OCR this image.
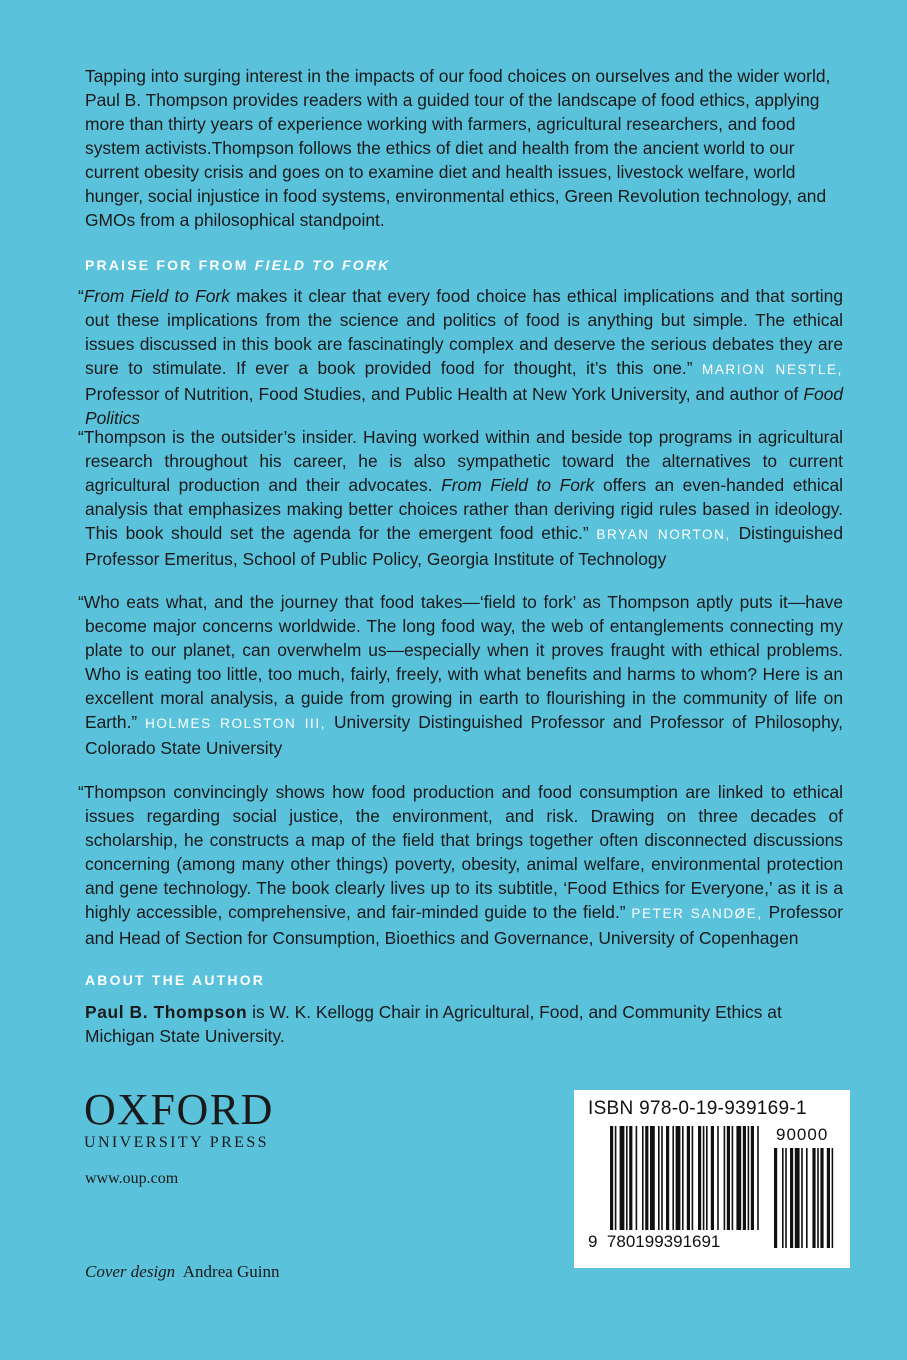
Tapping into surging interest in the impacts of our food choices on ourselves and the wider world, Paul B. Thompson provides readers with a guided tour of the landscape of food ethics, applying more than thirty years of experience working with farmers, agricultural researchers, and food system activists.Thompson follows the ethics of diet and health from the ancient world to our current obesity crisis and goes on to examine diet and health issues, livestock welfare, world hunger, social injustice in food systems, environmental ethics, Green Revolution technology, and GMOs from a philosophical standpoint.

PRAISE FOR FROM FIELD TO FORK

“From Field to Fork makes it clear that every food choice has ethical implications and that sorting out these implications from the science and politics of food is anything but simple. The ethical issues discussed in this book are fascinatingly complex and deserve the serious debates they are sure to stimulate. If ever a book provided food for thought, it’s this one.” MARION NESTLE, Professor of Nutrition, Food Studies, and Public Health at New York University, and author of Food Politics

“Thompson is the outsider’s insider. Having worked within and beside top programs in agricultural research throughout his career, he is also sympathetic toward the alternatives to current agricultural production and their advocates. From Field to Fork offers an even-handed ethical analysis that emphasizes making better choices rather than deriving rigid rules based in ideology. This book should set the agenda for the emergent food ethic.” BRYAN NORTON, Distinguished Professor Emeritus, School of Public Policy, Georgia Institute of Technology

“Who eats what, and the journey that food takes—‘field to fork’ as Thompson aptly puts it—have become major concerns worldwide. The long food way, the web of entanglements connecting my plate to our planet, can overwhelm us—especially when it proves fraught with ethical problems. Who is eating too little, too much, fairly, freely, with what benefits and harms to whom? Here is an excellent moral analysis, a guide from growing in earth to flourishing in the community of life on Earth.” HOLMES ROLSTON III, University Distinguished Professor and Professor of Philosophy, Colorado State University

“Thompson convincingly shows how food production and food consumption are linked to ethical issues regarding social justice, the environment, and risk. Drawing on three decades of scholarship, he constructs a map of the field that brings together often disconnected discussions concerning (among many other things) poverty, obesity, animal welfare, environmental protection and gene technology. The book clearly lives up to its subtitle, ‘Food Ethics for Everyone,’ as it is a highly accessible, comprehensive, and fair-minded guide to the field.” PETER SANDØE, Professor and Head of Section for Consumption, Bioethics and Governance, University of Copenhagen

ABOUT THE AUTHOR

Paul B. Thompson is W. K. Kellogg Chair in Agricultural, Food, and Community Ethics at Michigan State University.

OXFORD
UNIVERSITY PRESS
www.oup.com
Cover design Andrea Guinn
ISBN 978-0-19-939169-1
90000
9 780199391691
